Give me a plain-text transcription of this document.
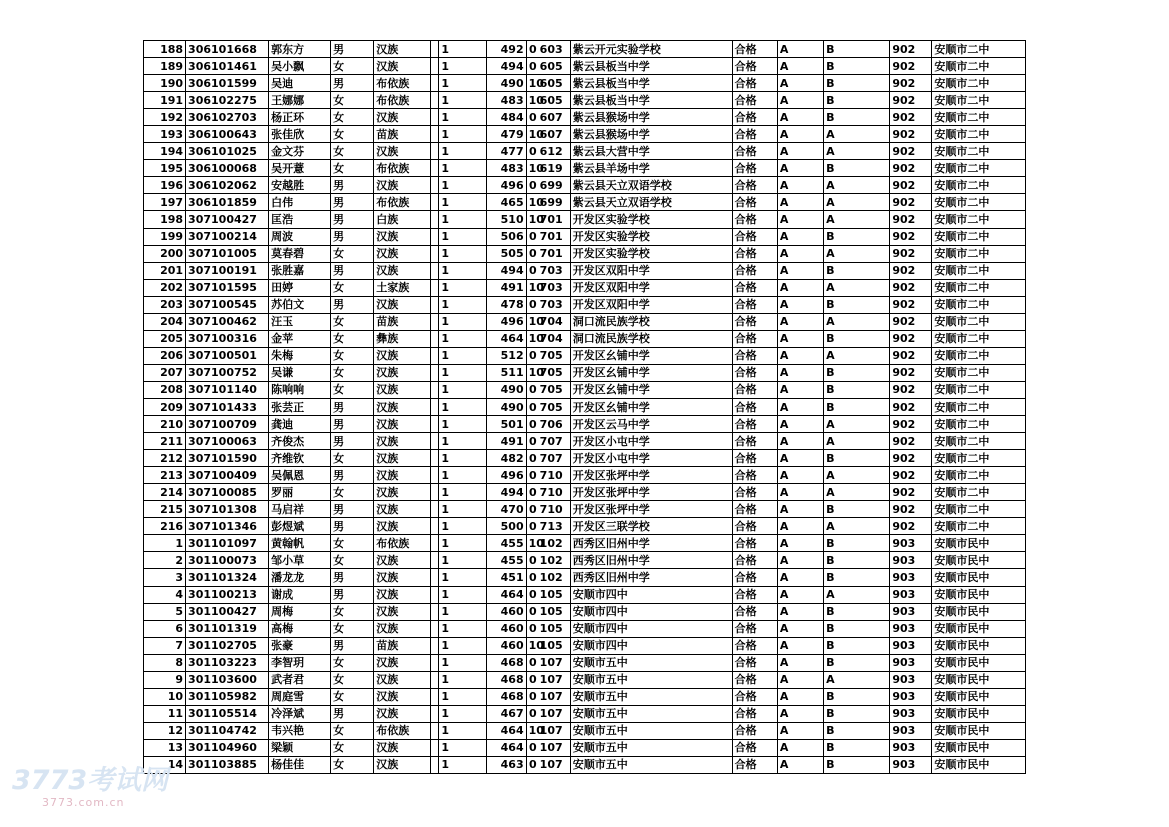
188	306101668	郭东方	男	汉族		1	492	0	603	紫云开元实验学校	合格	A	B	902	安顺市二中
189	306101461	吴小飘	女	汉族		1	494	0	605	紫云县板当中学	合格	A	B	902	安顺市二中
190	306101599	吴迪	男	布依族		1	490	10	605	紫云县板当中学	合格	A	B	902	安顺市二中
191	306102275	王娜娜	女	布依族		1	483	10	605	紫云县板当中学	合格	A	B	902	安顺市二中
192	306102703	杨正环	女	汉族		1	484	0	607	紫云县猴场中学	合格	A	B	902	安顺市二中
193	306100643	张佳欣	女	苗族		1	479	10	607	紫云县猴场中学	合格	A	A	902	安顺市二中
194	306101025	金文芬	女	汉族		1	477	0	612	紫云县大营中学	合格	A	A	902	安顺市二中
195	306100068	吴开薏	女	布依族		1	483	10	619	紫云县羊场中学	合格	A	B	902	安顺市二中
196	306102062	安越胜	男	汉族		1	496	0	699	紫云县天立双语学校	合格	A	A	902	安顺市二中
197	306101859	白伟	男	布依族		1	465	10	699	紫云县天立双语学校	合格	A	A	902	安顺市二中
198	307100427	匡浩	男	白族		1	510	10	701	开发区实验学校	合格	A	A	902	安顺市二中
199	307100214	周波	男	汉族		1	506	0	701	开发区实验学校	合格	A	B	902	安顺市二中
200	307101005	莫春碧	女	汉族		1	505	0	701	开发区实验学校	合格	A	A	902	安顺市二中
201	307100191	张胜嘉	男	汉族		1	494	0	703	开发区双阳中学	合格	A	B	902	安顺市二中
202	307101595	田婷	女	土家族		1	491	10	703	开发区双阳中学	合格	A	A	902	安顺市二中
203	307100545	苏伯文	男	汉族		1	478	0	703	开发区双阳中学	合格	A	B	902	安顺市二中
204	307100462	汪玉	女	苗族		1	496	10	704	洞口流民族学校	合格	A	A	902	安顺市二中
205	307100316	金苹	女	彝族		1	464	10	704	洞口流民族学校	合格	A	B	902	安顺市二中
206	307100501	朱梅	女	汉族		1	512	0	705	开发区幺铺中学	合格	A	A	902	安顺市二中
207	307100752	吴谦	女	汉族		1	511	10	705	开发区幺铺中学	合格	A	B	902	安顺市二中
208	307101140	陈响响	女	汉族		1	490	0	705	开发区幺铺中学	合格	A	B	902	安顺市二中
209	307101433	张芸正	男	汉族		1	490	0	705	开发区幺铺中学	合格	A	B	902	安顺市二中
210	307100709	龚迪	男	汉族		1	501	0	706	开发区云马中学	合格	A	A	902	安顺市二中
211	307100063	齐俊杰	男	汉族		1	491	0	707	开发区小屯中学	合格	A	A	902	安顺市二中
212	307101590	齐维钦	女	汉族		1	482	0	707	开发区小屯中学	合格	A	B	902	安顺市二中
213	307100409	吴佩恩	男	汉族		1	496	0	710	开发区张坪中学	合格	A	A	902	安顺市二中
214	307100085	罗丽	女	汉族		1	494	0	710	开发区张坪中学	合格	A	A	902	安顺市二中
215	307101308	马启祥	男	汉族		1	470	0	710	开发区张坪中学	合格	A	B	902	安顺市二中
216	307101346	彭煜斌	男	汉族		1	500	0	713	开发区三联学校	合格	A	A	902	安顺市二中
1	301101097	黄翰帆	女	布依族		1	455	10	102	西秀区旧州中学	合格	A	B	903	安顺市民中
2	301100073	邹小草	女	汉族		1	455	0	102	西秀区旧州中学	合格	A	B	903	安顺市民中
3	301101324	潘龙龙	男	汉族		1	451	0	102	西秀区旧州中学	合格	A	B	903	安顺市民中
4	301100213	谢成	男	汉族		1	464	0	105	安顺市四中	合格	A	A	903	安顺市民中
5	301100427	周梅	女	汉族		1	460	0	105	安顺市四中	合格	A	B	903	安顺市民中
6	301101319	高梅	女	汉族		1	460	0	105	安顺市四中	合格	A	B	903	安顺市民中
7	301102705	张豪	男	苗族		1	460	10	105	安顺市四中	合格	A	B	903	安顺市民中
8	301103223	李智玥	女	汉族		1	468	0	107	安顺市五中	合格	A	B	903	安顺市民中
9	301103600	武者君	女	汉族		1	468	0	107	安顺市五中	合格	A	A	903	安顺市民中
10	301105982	周庭雪	女	汉族		1	468	0	107	安顺市五中	合格	A	B	903	安顺市民中
11	301105514	冷泽斌	男	汉族		1	467	0	107	安顺市五中	合格	A	B	903	安顺市民中
12	301104742	韦兴艳	女	布依族		1	464	10	107	安顺市五中	合格	A	B	903	安顺市民中
13	301104960	梁颖	女	汉族		1	464	0	107	安顺市五中	合格	A	B	903	安顺市民中
14	301103885	杨佳佳	女	汉族		1	463	0	107	安顺市五中	合格	A	B	903	安顺市民中
3773考试网
3773.com.cn
